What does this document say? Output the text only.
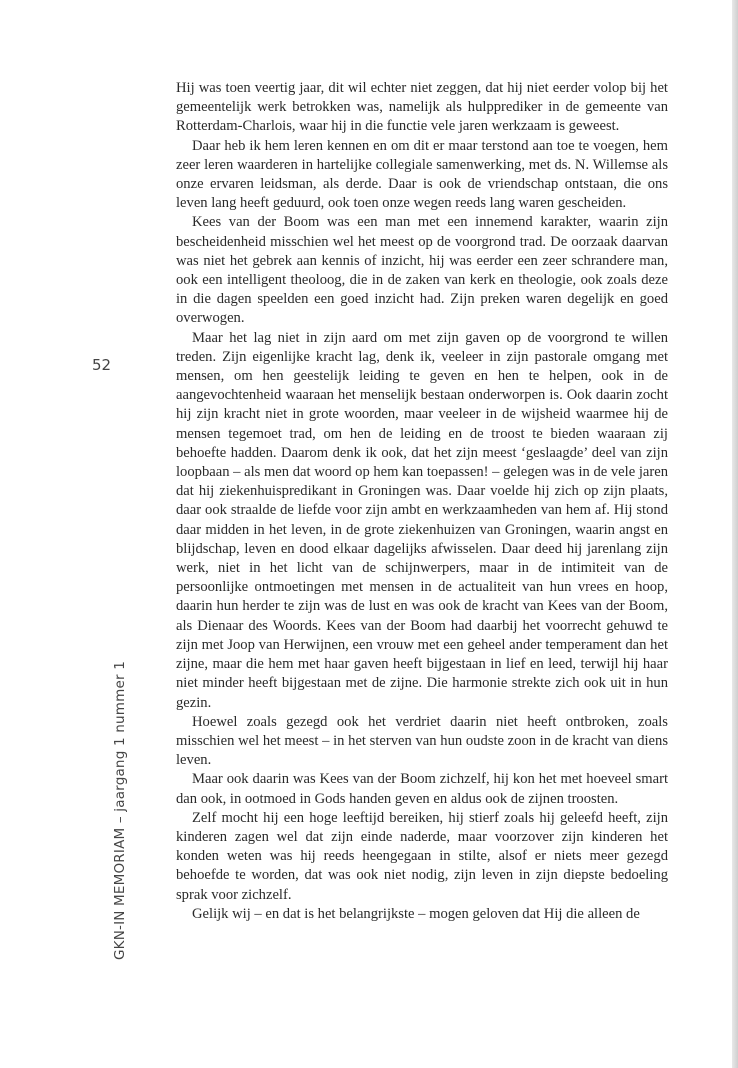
52
GKN-IN MEMORIAM – jaargang 1 nummer 1

Hij was toen veertig jaar, dit wil echter niet zeggen, dat hij niet eerder volop bij het gemeentelijk werk betrokken was, namelijk als hulpprediker in de gemeente van Rotterdam-Charlois, waar hij in die functie vele jaren werkzaam is geweest.

Daar heb ik hem leren kennen en om dit er maar terstond aan toe te voegen, hem zeer leren waarderen in hartelijke collegiale samenwerking, met ds. N. Willemse als onze ervaren leidsman, als derde. Daar is ook de vriendschap ontstaan, die ons leven lang heeft geduurd, ook toen onze wegen reeds lang waren gescheiden.

Kees van der Boom was een man met een innemend karakter, waarin zijn bescheidenheid misschien wel het meest op de voorgrond trad. De oorzaak daarvan was niet het gebrek aan kennis of inzicht, hij was eerder een zeer schrandere man, ook een intelligent theoloog, die in de zaken van kerk en theologie, ook zoals deze in die dagen speelden een goed inzicht had. Zijn preken waren degelijk en goed overwogen.

Maar het lag niet in zijn aard om met zijn gaven op de voorgrond te willen treden. Zijn eigenlijke kracht lag, denk ik, veeleer in zijn pastorale omgang met mensen, om hen geestelijk leiding te geven en hen te helpen, ook in de aangevochtenheid waaraan het menselijk bestaan onderworpen is. Ook daarin zocht hij zijn kracht niet in grote woorden, maar veeleer in de wijsheid waarmee hij de mensen tegemoet trad, om hen de leiding en de troost te bieden waaraan zij behoefte hadden. Daarom denk ik ook, dat het zijn meest ‘geslaagde’ deel van zijn loopbaan – als men dat woord op hem kan toepassen! – gelegen was in de vele jaren dat hij ziekenhuispredikant in Groningen was. Daar voelde hij zich op zijn plaats, daar ook straalde de liefde voor zijn ambt en werkzaamheden van hem af. Hij stond daar midden in het leven, in de grote ziekenhuizen van Groningen, waarin angst en blijdschap, leven en dood elkaar dagelijks afwisselen. Daar deed hij jarenlang zijn werk, niet in het licht van de schijnwerpers, maar in de intimiteit van de persoonlijke ontmoetingen met mensen in de actualiteit van hun vrees en hoop, daarin hun herder te zijn was de lust en was ook de kracht van Kees van der Boom, als Dienaar des Woords. Kees van der Boom had daarbij het voorrecht gehuwd te zijn met Joop van Herwijnen, een vrouw met een geheel ander temperament dan het zijne, maar die hem met haar gaven heeft bijgestaan in lief en leed, terwijl hij haar niet minder heeft bijgestaan met de zijne. Die harmonie strekte zich ook uit in hun gezin.

Hoewel zoals gezegd ook het verdriet daarin niet heeft ontbroken, zoals misschien wel het meest – in het sterven van hun oudste zoon in de kracht van diens leven.

Maar ook daarin was Kees van der Boom zichzelf, hij kon het met hoeveel smart dan ook, in ootmoed in Gods handen geven en aldus ook de zijnen troosten.

Zelf mocht hij een hoge leeftijd bereiken, hij stierf zoals hij geleefd heeft, zijn kinderen zagen wel dat zijn einde naderde, maar voorzover zijn kinderen het konden weten was hij reeds heengegaan in stilte, alsof er niets meer gezegd behoefde te worden, dat was ook niet nodig, zijn leven in zijn diepste bedoeling sprak voor zichzelf.

Gelijk wij – en dat is het belangrijkste – mogen geloven dat Hij die alleen de
